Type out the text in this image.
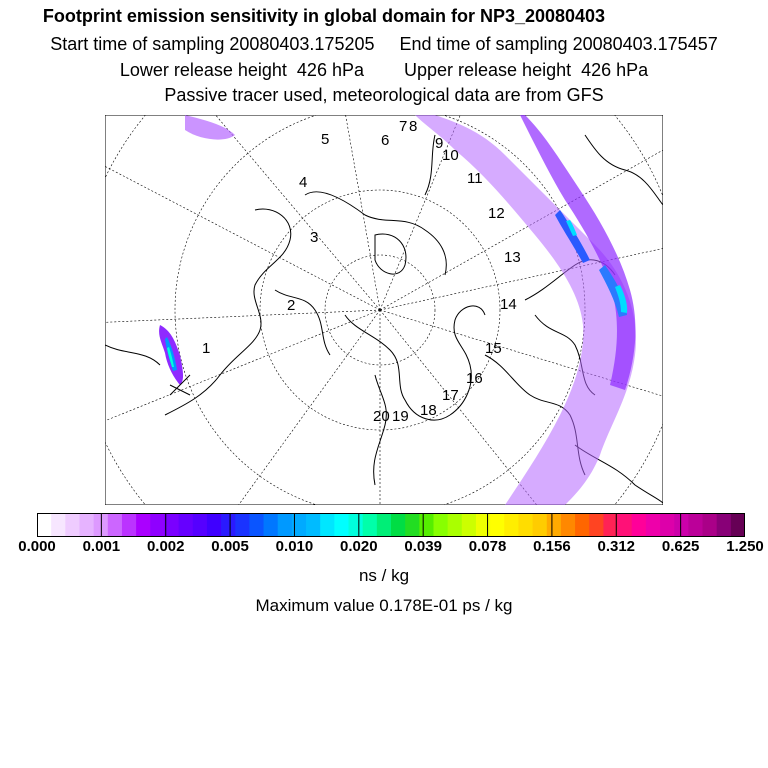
Footprint emission sensitivity in global domain for NP3_20080403
Start time of sampling 20080403.175205     End time of sampling 20080403.175457
Lower release height  426 hPa        Upper release height  426 hPa
Passive tracer used, meteorological data are from GFS
1
2
3
4
5	6
7 8
9
10
11
12
13
14
15
16
17
18
19
20
0.000 0.001 0.002 0.005 0.010 0.020 0.039 0.078 0.156 0.312 0.625 1.250
ns / kg
Maximum value 0.178E-01 ps / kg
